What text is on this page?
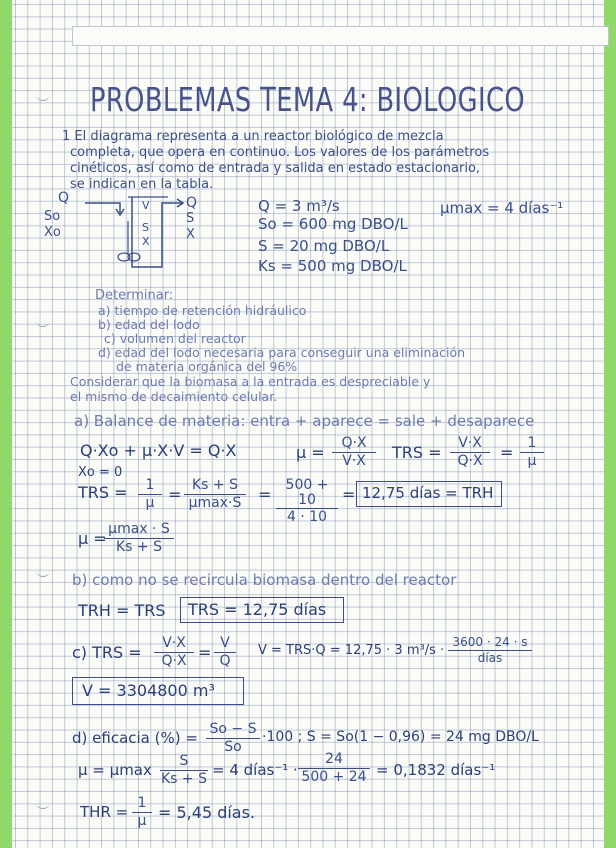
PROBLEMAS TEMA 4: BIOLOGICO
1 El diagrama representa a un reactor biológico de mezcla
completa, que opera en continuo. Los valores de los parámetros
cinéticos, así como de entrada y salida en estado estacionario,
se indican en la tabla.
Q
So
Xo
Q
S
X
V
S
X
Q = 3 m³/s
So = 600 mg DBO/L
S = 20 mg DBO/L
Ks = 500 mg DBO/L
μmax = 4 días⁻¹
Determinar:
a) tiempo de retención hidráulico
b) edad del lodo
c) volumen del reactor
d) edad del lodo necesaria para conseguir una eliminación
de materia orgánica del 96%
Considerar que la biomasa a la entrada es despreciable y
el mismo de decaimiento celular.
a) Balance de materia: entra + aparece = sale + desaparece
Q·Xo + μ·X·V = Q·X	μ =	Q·X
V·X	TRS =	V·X
Q·X	=	1
μ
Xo = 0
TRS =	1
μ = Ks + S
μmax·S =	500 + 10
4 · 10
= 12,75 días = TRH
μ = μmax · S
Ks + S
b) como no se recircula biomasa dentro del reactor
TRH = TRS TRS = 12,75 días
c) TRS =	V·X
Q·X = V
Q
V = TRS·Q = 12,75 · 3 m³/s ·
3600 · 24 · s
días
V = 3304800 m³
d) eficacia (%) = So − S
So
·100 ; S = So(1 − 0,96) = 24 mg DBO/L
μ = μmax	S
Ks + S = 4 días⁻¹ ·
24
500 + 24 = 0,1832 días⁻¹
THR = 1
μ = 5,45 días.
